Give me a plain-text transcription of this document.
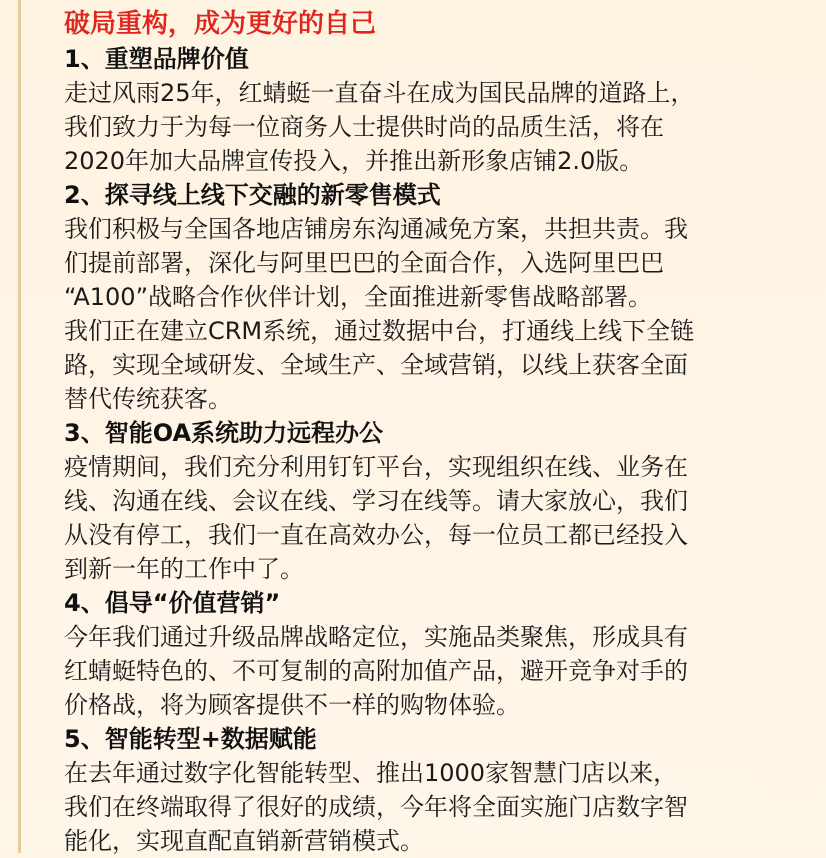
破局重构，成为更好的自己
1、重塑品牌价值

走过风雨25年，红蜻蜓一直奋斗在成为国民品牌的道路上，

我们致力于为每一位商务人士提供时尚的品质生活，将在

2020年加大品牌宣传投入，并推出新形象店铺2.0版。

2、探寻线上线下交融的新零售模式

我们积极与全国各地店铺房东沟通减免方案，共担共责。我

们提前部署，深化与阿里巴巴的全面合作，入选阿里巴巴

“A100”战略合作伙伴计划，全面推进新零售战略部署。

我们正在建立CRM系统，通过数据中台，打通线上线下全链

路，实现全域研发、全域生产、全域营销，以线上获客全面

替代传统获客。

3、智能OA系统助力远程办公

疫情期间，我们充分利用钉钉平台，实现组织在线、业务在

线、沟通在线、会议在线、学习在线等。请大家放心，我们

从没有停工，我们一直在高效办公，每一位员工都已经投入

到新一年的工作中了。

4、倡导“价值营销”

今年我们通过升级品牌战略定位，实施品类聚焦，形成具有

红蜻蜓特色的、不可复制的高附加值产品，避开竞争对手的

价格战，将为顾客提供不一样的购物体验。

5、智能转型+数据赋能

在去年通过数字化智能转型、推出1000家智慧门店以来，

我们在终端取得了很好的成绩，今年将全面实施门店数字智

能化，实现直配直销新营销模式。
